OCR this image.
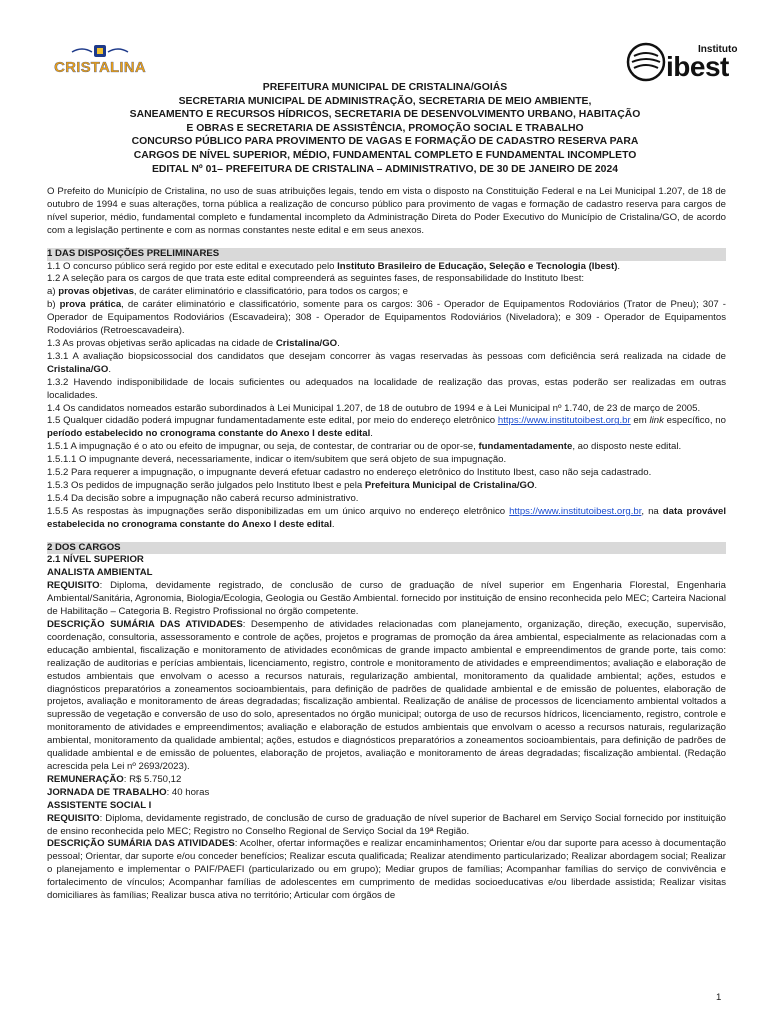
CRISTALINA
Instituto
ibest
PREFEITURA MUNICIPAL DE CRISTALINA/GOIÁS
SECRETARIA MUNICIPAL DE ADMINISTRAÇÃO, SECRETARIA DE MEIO AMBIENTE,
SANEAMENTO E RECURSOS HÍDRICOS, SECRETARIA DE DESENVOLVIMENTO URBANO, HABITAÇÃO
E OBRAS E SECRETARIA DE ASSISTÊNCIA, PROMOÇÃO SOCIAL E TRABALHO
CONCURSO PÚBLICO PARA PROVIMENTO DE VAGAS E FORMAÇÃO DE CADASTRO RESERVA PARA
CARGOS DE NÍVEL SUPERIOR, MÉDIO, FUNDAMENTAL COMPLETO E FUNDAMENTAL INCOMPLETO
EDITAL Nº 01– PREFEITURA DE CRISTALINA – ADMINISTRATIVO, DE 30 DE JANEIRO DE 2024
O Prefeito do Município de Cristalina, no uso de suas atribuições legais, tendo em vista o disposto na Constituição Federal e na Lei Municipal 1.207, de 18 de outubro de 1994 e suas alterações, torna pública a realização de concurso público para provimento de vagas e formação de cadastro reserva para cargos de nível superior, médio, fundamental completo e fundamental incompleto da Administração Direta do Poder Executivo do Município de Cristalina/GO, de acordo com a legislação pertinente e com as normas constantes neste edital e em seus anexos.
1 DAS DISPOSIÇÕES PRELIMINARES
1.1 O concurso público será regido por este edital e executado pelo Instituto Brasileiro de Educação, Seleção e Tecnologia (Ibest).
1.2 A seleção para os cargos de que trata este edital compreenderá as seguintes fases, de responsabilidade do Instituto Ibest:
a) provas objetivas, de caráter eliminatório e classificatório, para todos os cargos; e
b) prova prática, de caráter eliminatório e classificatório, somente para os cargos: 306 - Operador de Equipamentos Rodoviários (Trator de Pneu); 307 - Operador de Equipamentos Rodoviários (Escavadeira); 308 - Operador de Equipamentos Rodoviários (Niveladora); e 309 - Operador de Equipamentos Rodoviários (Retroescavadeira).
1.3 As provas objetivas serão aplicadas na cidade de Cristalina/GO.
1.3.1 A avaliação biopsicossocial dos candidatos que desejam concorrer às vagas reservadas às pessoas com deficiência será realizada na cidade de Cristalina/GO.
1.3.2 Havendo indisponibilidade de locais suficientes ou adequados na localidade de realização das provas, estas poderão ser realizadas em outras localidades.
1.4 Os candidatos nomeados estarão subordinados à Lei Municipal 1.207, de 18 de outubro de 1994 e à Lei Municipal nº 1.740, de 23 de março de 2005.
1.5 Qualquer cidadão poderá impugnar fundamentadamente este edital, por meio do endereço eletrônico https://www.institutoibest.org.br em link específico, no período estabelecido no cronograma constante do Anexo I deste edital.
1.5.1 A impugnação é o ato ou efeito de impugnar, ou seja, de contestar, de contrariar ou de opor-se, fundamentadamente, ao disposto neste edital.
1.5.1.1 O impugnante deverá, necessariamente, indicar o item/subitem que será objeto de sua impugnação.
1.5.2 Para requerer a impugnação, o impugnante deverá efetuar cadastro no endereço eletrônico do Instituto Ibest, caso não seja cadastrado.
1.5.3 Os pedidos de impugnação serão julgados pelo Instituto Ibest e pela Prefeitura Municipal de Cristalina/GO.
1.5.4 Da decisão sobre a impugnação não caberá recurso administrativo.
1.5.5 As respostas às impugnações serão disponibilizadas em um único arquivo no endereço eletrônico https://www.institutoibest.org.br, na data provável estabelecida no cronograma constante do Anexo I deste edital.
2 DOS CARGOS
2.1 NÍVEL SUPERIOR
ANALISTA AMBIENTAL
REQUISITO: Diploma, devidamente registrado, de conclusão de curso de graduação de nível superior em Engenharia Florestal, Engenharia Ambiental/Sanitária, Agronomia, Biologia/Ecologia, Geologia ou Gestão Ambiental. fornecido por instituição de ensino reconhecida pelo MEC; Carteira Nacional de Habilitação – Categoria B. Registro Profissional no órgão competente.
DESCRIÇÃO SUMÁRIA DAS ATIVIDADES: Desempenho de atividades relacionadas com planejamento, organização, direção, execução, supervisão, coordenação, consultoria, assessoramento e controle de ações, projetos e programas de promoção da área ambiental, especialmente as relacionadas com a educação ambiental, fiscalização e monitoramento de atividades econômicas de grande impacto ambiental e empreendimentos de grande porte, tais como: realização de auditorias e perícias ambientais, licenciamento, registro, controle e monitoramento de atividades e empreendimentos; avaliação e elaboração de estudos ambientais que envolvam o acesso a recursos naturais, regularização ambiental, monitoramento da qualidade ambiental; ações, estudos e diagnósticos preparatórios a zoneamentos socioambientais, para definição de padrões de qualidade ambiental e de emissão de poluentes, elaboração de projetos, avaliação e monitoramento de áreas degradadas; fiscalização ambiental. Realização de análise de processos de licenciamento ambiental voltados a supressão de vegetação e conversão de uso do solo, apresentados no órgão municipal; outorga de uso de recursos hídricos, licenciamento, registro, controle e monitoramento de atividades e empreendimentos; avaliação e elaboração de estudos ambientais que envolvam o acesso a recursos naturais, regularização ambiental, monitoramento da qualidade ambiental; ações, estudos e diagnósticos preparatórios a zoneamentos socioambientais, para definição de padrões de qualidade ambiental e de emissão de poluentes, elaboração de projetos, avaliação e monitoramento de áreas degradadas; fiscalização ambiental. (Redação acrescida pela Lei nº 2693/2023).
REMUNERAÇÃO: R$ 5.750,12
JORNADA DE TRABALHO: 40 horas
ASSISTENTE SOCIAL I
REQUISITO: Diploma, devidamente registrado, de conclusão de curso de graduação de nível superior de Bacharel em Serviço Social fornecido por instituição de ensino reconhecida pelo MEC; Registro no Conselho Regional de Serviço Social da 19ª Região.
DESCRIÇÃO SUMÁRIA DAS ATIVIDADES: Acolher, ofertar informações e realizar encaminhamentos; Orientar e/ou dar suporte para acesso à documentação pessoal; Orientar, dar suporte e/ou conceder benefícios; Realizar escuta qualificada; Realizar atendimento particularizado; Realizar abordagem social; Realizar o planejamento e implementar o PAIF/PAEFI (particularizado ou em grupo); Mediar grupos de famílias; Acompanhar famílias do serviço de convivência e fortalecimento de vínculos; Acompanhar famílias de adolescentes em cumprimento de medidas socioeducativas e/ou liberdade assistida; Realizar visitas domiciliares às famílias; Realizar busca ativa no território; Articular com órgãos de
1
